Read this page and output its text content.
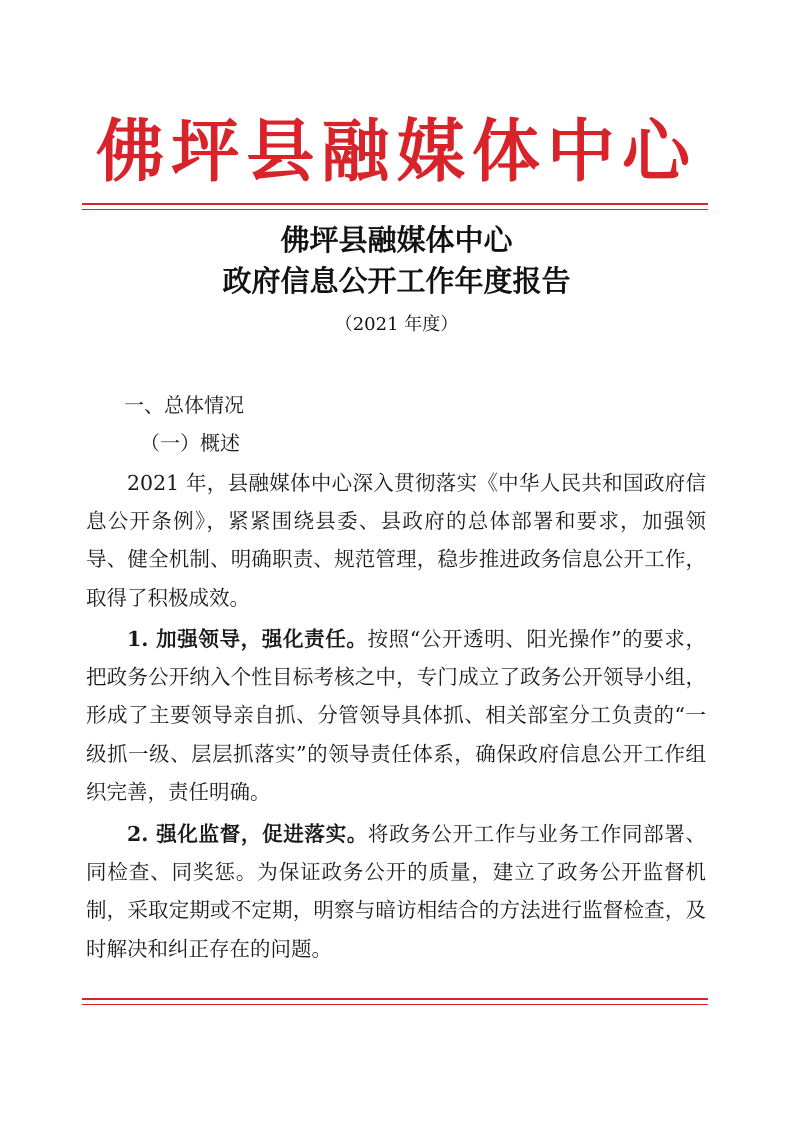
佛坪县融媒体中心
佛坪县融媒体中心
政府信息公开工作年度报告
（2021 年度）
一、总体情况
（一）概述

2021 年，县融媒体中心深入贯彻落实《中华人民共和国政府信息公开条例》，紧紧围绕县委、县政府的总体部署和要求，加强领导、健全机制、明确职责、规范管理，稳步推进政务信息公开工作，取得了积极成效。

1. 加强领导，强化责任。按照“公开透明、阳光操作”的要求，把政务公开纳入个性目标考核之中，专门成立了政务公开领导小组，形成了主要领导亲自抓、分管领导具体抓、相关部室分工负责的“一级抓一级、层层抓落实”的领导责任体系，确保政府信息公开工作组织完善，责任明确。

2. 强化监督，促进落实。将政务公开工作与业务工作同部署、同检查、同奖惩。为保证政务公开的质量，建立了政务公开监督机制，采取定期或不定期，明察与暗访相结合的方法进行监督检查，及时解决和纠正存在的问题。
